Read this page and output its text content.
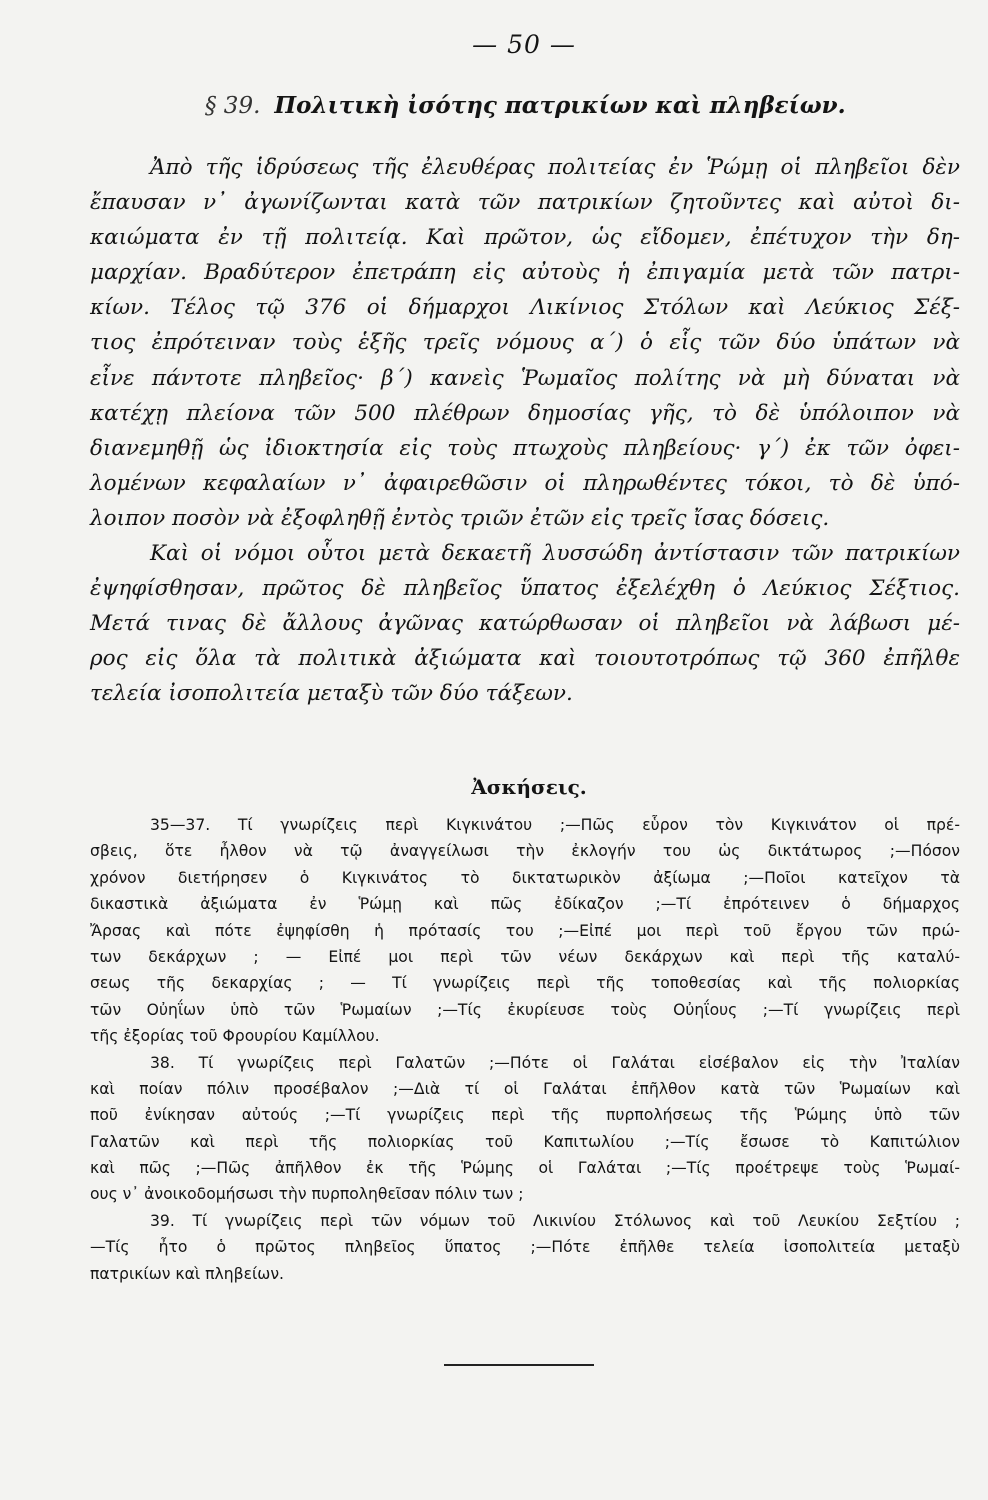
— 50 —
§ 39. Πολιτικὴ ἰσότης πατρικίων καὶ πληβείων.
Ἀπὸ τῆς ἱδρύσεως τῆς ἐλευθέρας πολιτείας ἐν Ῥώμῃ οἱ πληβεῖοι δὲν
ἔπαυσαν ν᾿ ἀγωνίζωνται κατὰ τῶν πατρικίων ζητοῦντες καὶ αὐτοὶ δι-
καιώματα ἐν τῇ πολιτείᾳ. Καὶ πρῶτον, ὡς εἴδομεν, ἐπέτυχον τὴν δη-
μαρχίαν. Βραδύτερον ἐπετράπη εἰς αὐτοὺς ἡ ἐπιγαμία μετὰ τῶν πατρι-
κίων. Τέλος τῷ 376 οἱ δήμαρχοι Λικίνιος Στόλων καὶ Λεύκιος Σέξ-
τιος ἐπρότειναν τοὺς ἑξῆς τρεῖς νόμους α΄) ὁ εἷς τῶν δύο ὑπάτων νὰ
εἶνε πάντοτε πληβεῖος· β΄) κανεὶς Ῥωμαῖος πολίτης νὰ μὴ δύναται νὰ
κατέχῃ πλείονα τῶν 500 πλέθρων δημοσίας γῆς, τὸ δὲ ὑπόλοιπον νὰ
διανεμηθῇ ὡς ἰδιοκτησία εἰς τοὺς πτωχοὺς πληβείους· γ΄) ἐκ τῶν ὀφει-
λομένων κεφαλαίων ν᾿ ἀφαιρεθῶσιν οἱ πληρωθέντες τόκοι, τὸ δὲ ὑπό-
λοιπον ποσὸν νὰ ἐξοφληθῇ ἐντὸς τριῶν ἐτῶν εἰς τρεῖς ἴσας δόσεις.
Καὶ οἱ νόμοι οὗτοι μετὰ δεκαετῆ λυσσώδη ἀντίστασιν τῶν πατρικίων
ἐψηφίσθησαν, πρῶτος δὲ πληβεῖος ὕπατος ἐξελέχθη ὁ Λεύκιος Σέξτιος.
Μετά τινας δὲ ἄλλους ἀγῶνας κατώρθωσαν οἱ πληβεῖοι νὰ λάβωσι μέ-
ρος εἰς ὅλα τὰ πολιτικὰ ἀξιώματα καὶ τοιουτοτρόπως τῷ 360 ἐπῆλθε
τελεία ἰσοπολιτεία μεταξὺ τῶν δύο τάξεων.
Ἀσκήσεις.
35—37. Τί γνωρίζεις περὶ Κιγκινάτου ;—Πῶς εὗρον τὸν Κιγκινάτον οἱ πρέ-
σβεις, ὅτε ἦλθον νὰ τῷ ἀναγγείλωσι τὴν ἐκλογήν του ὡς δικτάτωρος ;—Πόσον
χρόνον διετήρησεν ὁ Κιγκινάτος τὸ δικτατωρικὸν ἀξίωμα ;—Ποῖοι κατεῖχον τὰ
δικαστικὰ ἀξιώματα ἐν Ῥώμῃ καὶ πῶς ἐδίκαζον ;—Τί ἐπρότεινεν ὁ δήμαρχος
Ἄρσας καὶ πότε ἐψηφίσθη ἡ πρότασίς του ;—Εἰπέ μοι περὶ τοῦ ἔργου τῶν πρώ-
των δεκάρχων ; — Εἰπέ μοι περὶ τῶν νέων δεκάρχων καὶ περὶ τῆς καταλύ-
σεως τῆς δεκαρχίας ; — Τί γνωρίζεις περὶ τῆς τοποθεσίας καὶ τῆς πολιορκίας
τῶν Οὐηΐων ὑπὸ τῶν Ῥωμαίων ;—Τίς ἐκυρίευσε τοὺς Οὐηΐους ;—Τί γνωρίζεις περὶ
τῆς ἐξορίας τοῦ Φρουρίου Καμίλλου.
38. Τί γνωρίζεις περὶ Γαλατῶν ;—Πότε οἱ Γαλάται εἰσέβαλον εἰς τὴν Ἰταλίαν
καὶ ποίαν πόλιν προσέβαλον ;—Διὰ τί οἱ Γαλάται ἐπῆλθον κατὰ τῶν Ῥωμαίων καὶ
ποῦ ἐνίκησαν αὐτούς ;—Τί γνωρίζεις περὶ τῆς πυρπολήσεως τῆς Ῥώμης ὑπὸ τῶν
Γαλατῶν καὶ περὶ τῆς πολιορκίας τοῦ Καπιτωλίου ;—Τίς ἔσωσε τὸ Καπιτώλιον
καὶ πῶς ;—Πῶς ἀπῆλθον ἐκ τῆς Ῥώμης οἱ Γαλάται ;—Τίς προέτρεψε τοὺς Ῥωμαί-
ους ν᾿ ἀνοικοδομήσωσι τὴν πυρποληθεῖσαν πόλιν των ;
39. Τί γνωρίζεις περὶ τῶν νόμων τοῦ Λικινίου Στόλωνος καὶ τοῦ Λευκίου Σεξτίου ;
—Τίς ἦτο ὁ πρῶτος πληβεῖος ὕπατος ;—Πότε ἐπῆλθε τελεία ἰσοπολιτεία μεταξὺ
πατρικίων καὶ πληβείων.
